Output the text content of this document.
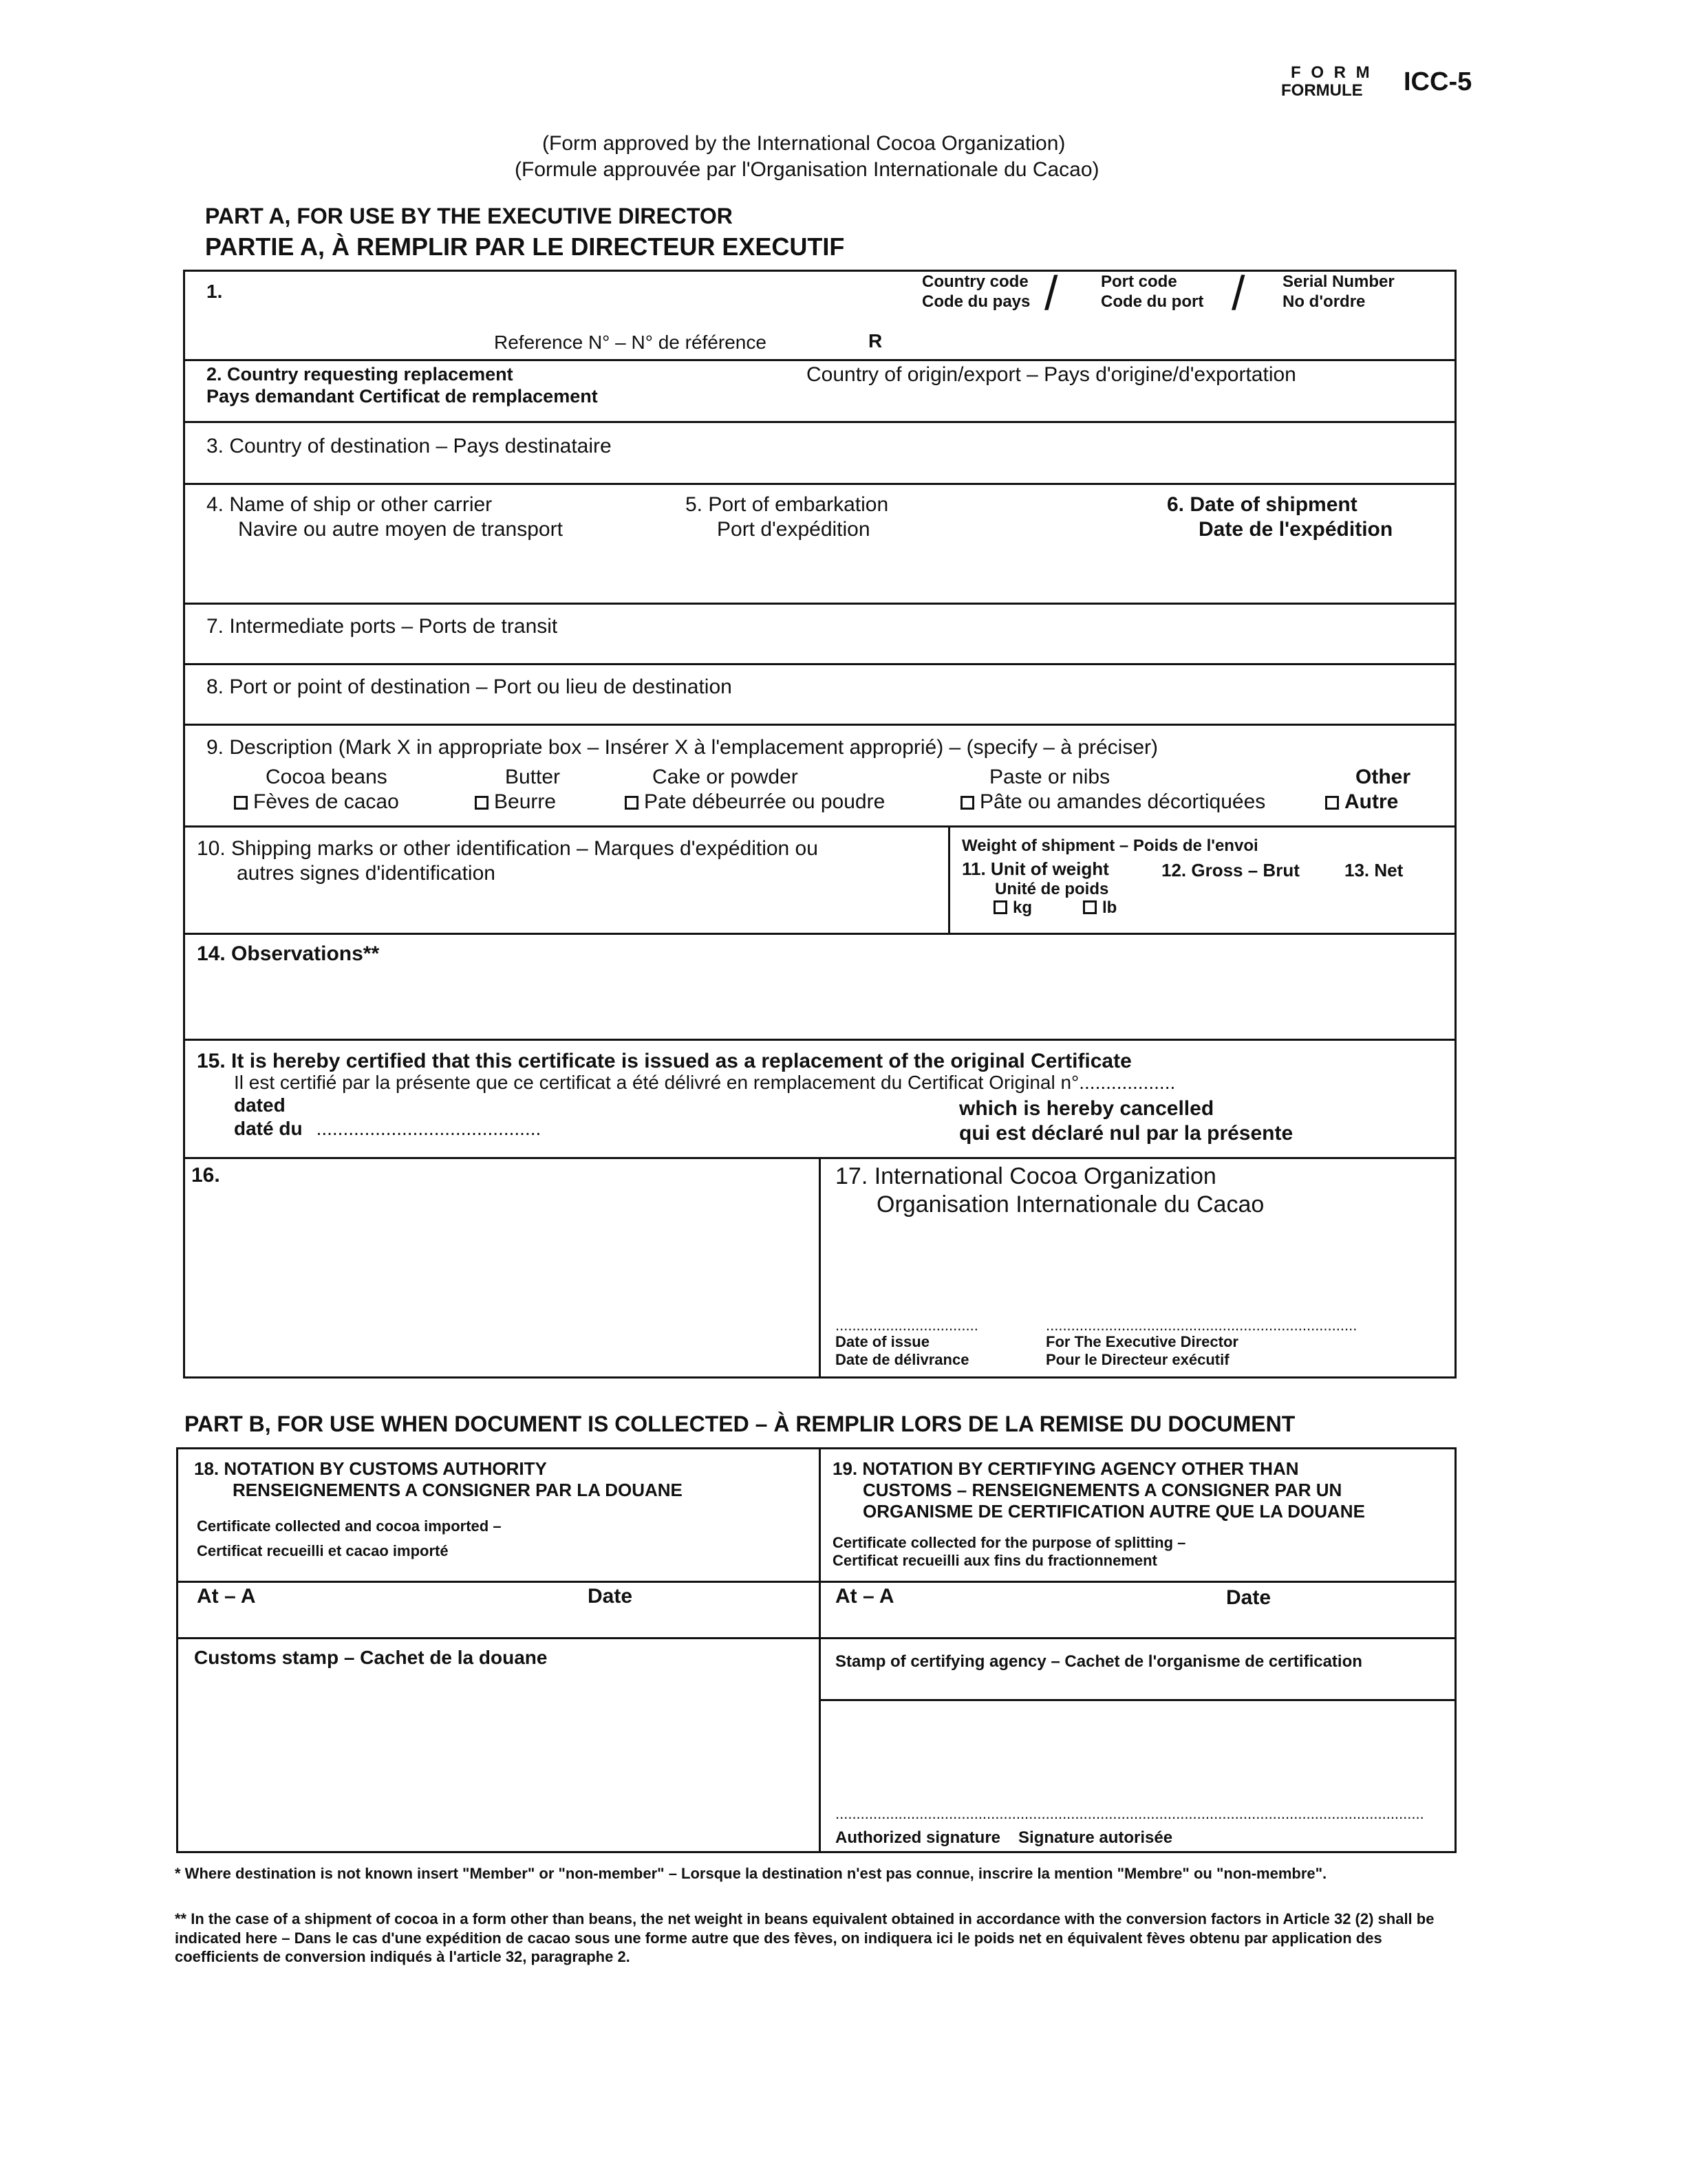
F O R M
FORMULE ICC-5
(Form approved by the International Cocoa Organization)
(Formule approuvée par l'Organisation Internationale du Cacao)
PART A, FOR USE BY THE EXECUTIVE DIRECTOR
PARTIE A, À REMPLIR PAR LE DIRECTEUR EXECUTIF
1.	Country code
Code du pays /	Port code
Code du port / Serial Number
No d'ordre
Reference N° – N° de référence	R
2. Country requesting replacement
Pays demandant Certificat de remplacement
Country of origin/export – Pays d'origine/d'exportation
3. Country of destination – Pays destinataire
4. Name of ship or other carrier
Navire ou autre moyen de transport
5. Port of embarkation
Port d'expédition
6. Date of shipment
Date de l'expédition
7. Intermediate ports – Ports de transit
8. Port or point of destination – Port ou lieu de destination
9. Description (Mark X in appropriate box – Insérer X à l'emplacement approprié) – (specify – à préciser)
Cocoa beans
Fèves de cacao
Butter
Beurre
Cake or powder
Pate débeurrée ou poudre
Paste or nibs
Pâte ou amandes décortiquées
Other
Autre
10. Shipping marks or other identification – Marques d'expédition ou
autres signes d'identification
Weight of shipment – Poids de l'envoi
11. Unit of weight
Unité de poids
kg	lb
12. Gross – Brut	13. Net
14. Observations**
15. It is hereby certified that this certificate is issued as a replacement of the original Certificate
Il est certifié par la présente que ce certificat a été délivré en remplacement du Certificat Original n°..................
dated
daté du ..........................................
which is hereby cancelled
qui est déclaré nul par la présente
16.	17. International Cocoa Organization
Organisation Internationale du Cacao
..................................	..........................................................................
Date of issue
Date de délivrance
For The Executive Director
Pour le Directeur exécutif
PART B, FOR USE WHEN DOCUMENT IS COLLECTED – À REMPLIR LORS DE LA REMISE DU DOCUMENT
18. NOTATION BY CUSTOMS AUTHORITY
RENSEIGNEMENTS A CONSIGNER PAR LA DOUANE
Certificate collected and cocoa imported –
Certificat recueilli et cacao importé
19. NOTATION BY CERTIFYING AGENCY OTHER THAN
CUSTOMS – RENSEIGNEMENTS A CONSIGNER PAR UN
ORGANISME DE CERTIFICATION AUTRE QUE LA DOUANE
Certificate collected for the purpose of splitting –
Certificat recueilli aux fins du fractionnement
At – A	Date	At – A	Date
Customs stamp – Cachet de la douane	Stamp of certifying agency – Cachet de l'organisme de certification
............................................................................................................................................
Authorized signature Signature autorisée
* Where destination is not known insert "Member" or "non-member" – Lorsque la destination n'est pas connue, inscrire la mention "Membre" ou "non-membre".
** In the case of a shipment of cocoa in a form other than beans, the net weight in beans equivalent obtained in accordance with the conversion factors in Article 32 (2) shall be indicated here – Dans le cas d'une expédition de cacao sous une forme autre que des fèves, on indiquera ici le poids net en équivalent fèves obtenu par application des coefficients de conversion indiqués à l'article 32, paragraphe 2.
